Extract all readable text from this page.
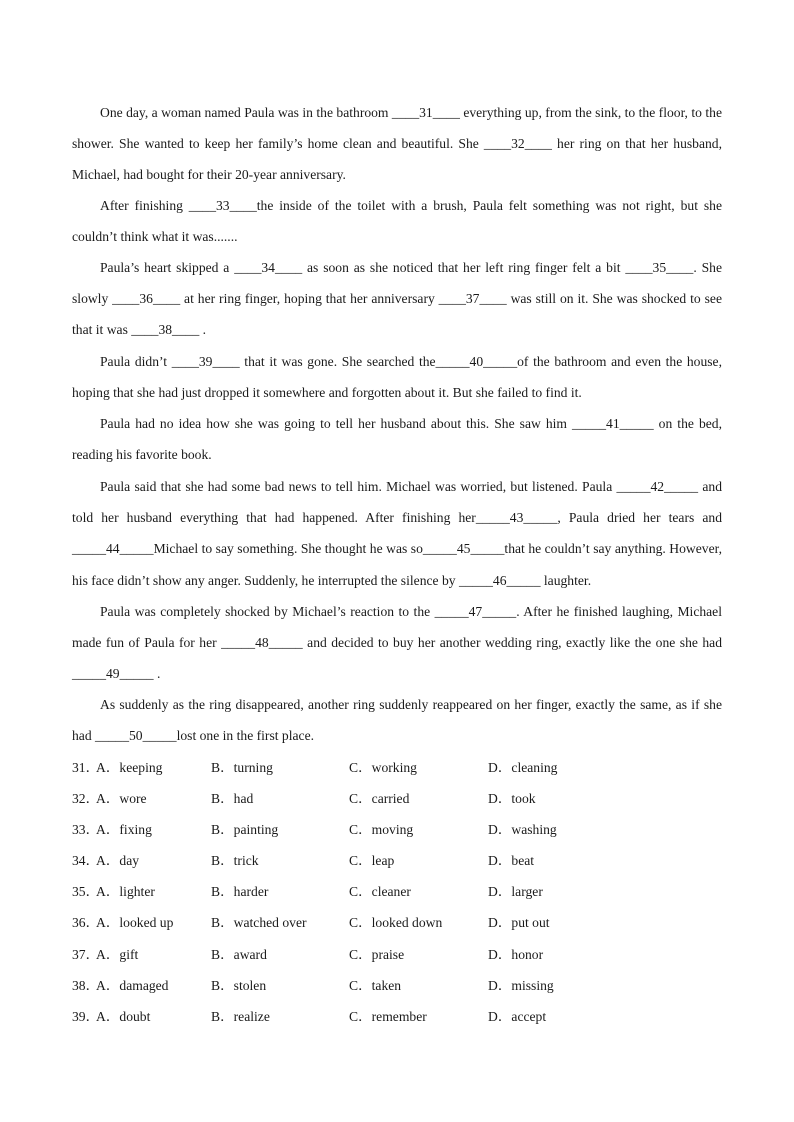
One day, a woman named Paula was in the bathroom ____31____ everything up, from the sink, to the floor, to the shower. She wanted to keep her family’s home clean and beautiful. She ____32____ her ring on that her husband, Michael, had bought for their 20-year anniversary.

After finishing ____33____the inside of the toilet with a brush, Paula felt something was not right, but she couldn’t think what it was.......

Paula’s heart skipped a ____34____ as soon as she noticed that her left ring finger felt a bit ____35____. She slowly ____36____ at her ring finger, hoping that her anniversary ____37____ was still on it. She was shocked to see that it was ____38____ .

Paula didn’t ____39____ that it was gone. She searched the_____40_____of the bathroom and even the house, hoping that she had just dropped it somewhere and forgotten about it. But she failed to find it.

Paula had no idea how she was going to tell her husband about this. She saw him _____41_____ on the bed, reading his favorite book.

Paula said that she had some bad news to tell him. Michael was worried, but listened. Paula _____42_____ and told her husband everything that had happened. After finishing her_____43_____, Paula dried her tears and _____44_____Michael to say something. She thought he was so_____45_____that he couldn’t say anything. However, his face didn’t show any anger. Suddenly, he interrupted the silence by _____46_____ laughter.

Paula was completely shocked by Michael’s reaction to the _____47_____. After he finished laughing, Michael made fun of Paula for her _____48_____ and decided to buy her another wedding ring, exactly like the one she had _____49_____ .

As suddenly as the ring disappeared, another ring suddenly reappeared on her finger, exactly the same, as if she had _____50_____lost one in the first place.

31．
A．keeping	B．turning	C．working	D．cleaning
32．
A．wore	B．had	C．carried	D．took
33．
A．fixing	B．painting	C．moving	D．washing
34．
A．day	B．trick	C．leap	D．beat
35．
A．lighter	B．harder	C．cleaner	D．larger
36．
A．looked up	B．watched over	C．looked down	D．put out
37．
A．gift	B．award	C．praise	D．honor
38．
A．damaged	B．stolen	C．taken	D．missing
39．
A．doubt	B．realize	C．remember	D．accept
